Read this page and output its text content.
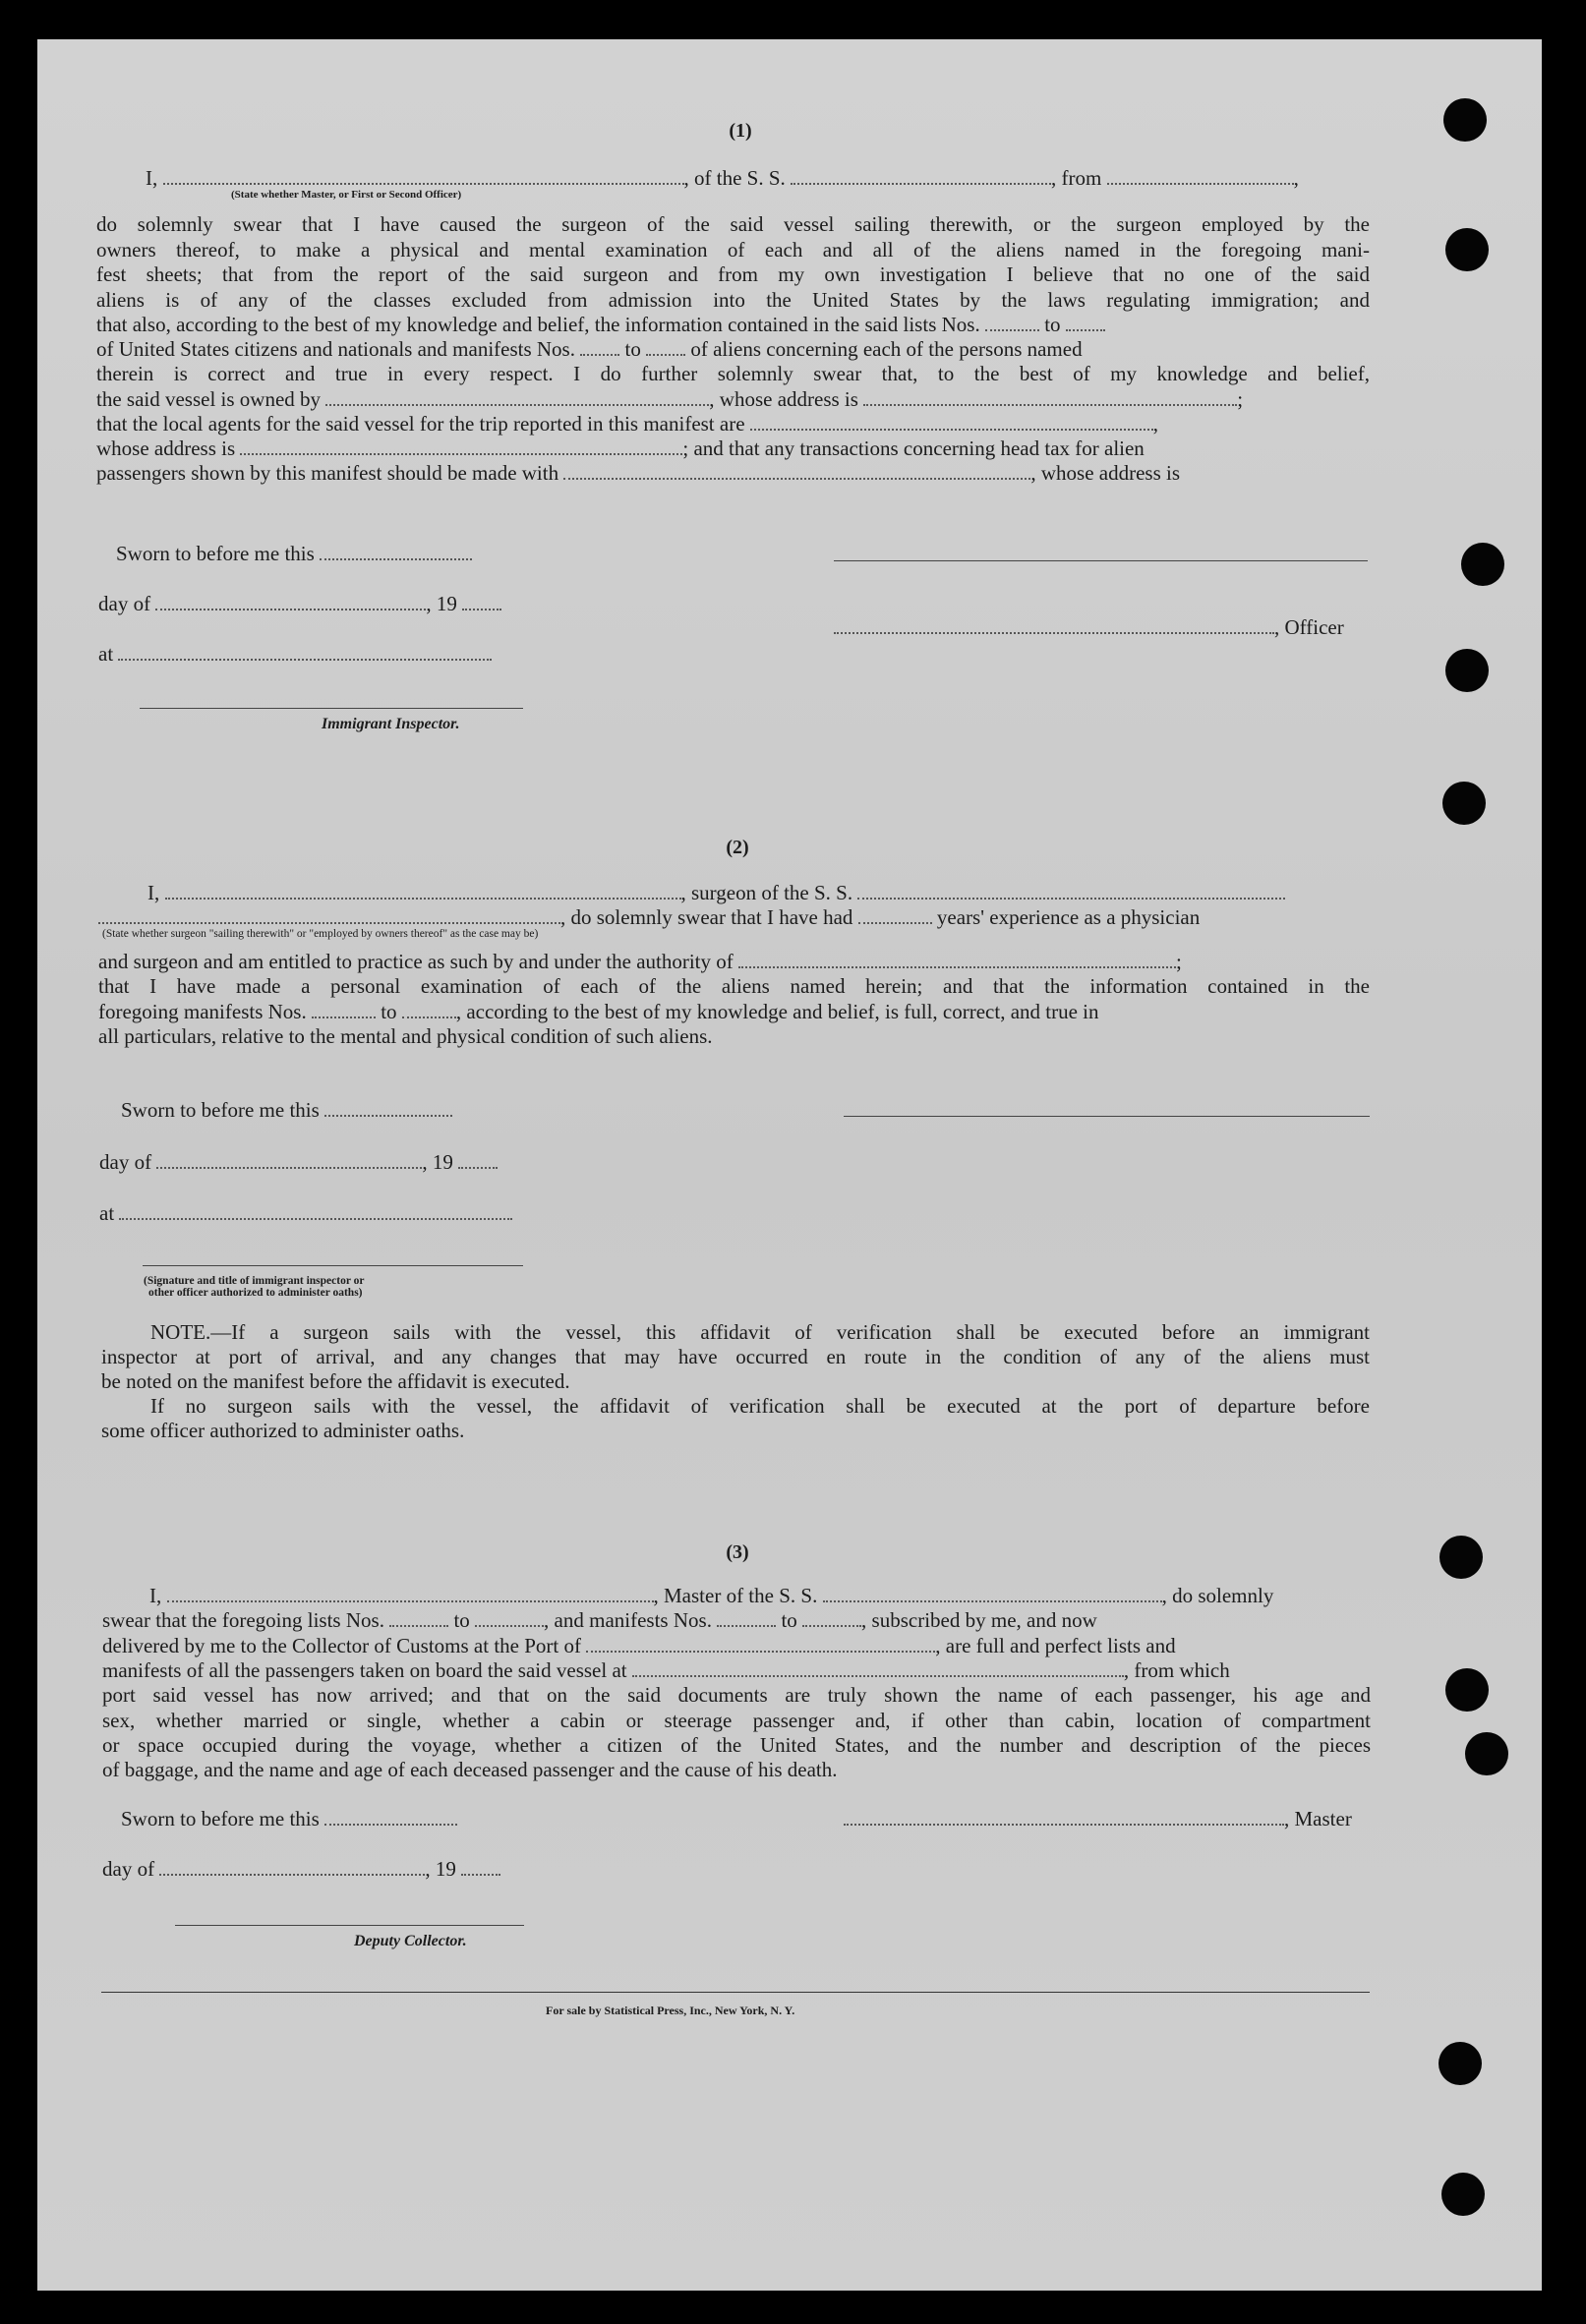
(1)
I,	, of the S. S.	, from	,
(State whether Master, or First or Second Officer)
do solemnly swear that I have caused the surgeon of the said vessel sailing therewith, or the surgeon employed by the
owners thereof, to make a physical and mental examination of each and all of the aliens named in the foregoing mani-
fest sheets; that from the report of the said surgeon and from my own investigation I believe that no one of the said
aliens is of any of the classes excluded from admission into the United States by the laws regulating immigration; and
that also, according to the best of my knowledge and belief, the information contained in the said lists Nos.	to
of United States citizens and nationals and manifests Nos. to of aliens concerning each of the persons named
therein is correct and true in every respect. I do further solemnly swear that, to the best of my knowledge and belief,
the said vessel is owned by	, whose address is	;
that the local agents for the said vessel for the trip reported in this manifest are	,
whose address is	; and that any transactions concerning head tax for alien
passengers shown by this manifest should be made with	, whose address is
Sworn to before me this
day of	, 19
, Officer
at
Immigrant Inspector.
(2)
I,	, surgeon of the S. S.
, do solemnly swear that I have had	years' experience as a physician
(State whether surgeon "sailing therewith" or "employed by owners thereof" as the case may be)
and surgeon and am entitled to practice as such by and under the authority of	;
that I have made a personal examination of each of the aliens named herein; and that the information contained in the
foregoing manifests Nos.	to	, according to the best of my knowledge and belief, is full, correct, and true in
all particulars, relative to the mental and physical condition of such aliens.
Sworn to before me this
day of	, 19
at
(Signature and title of immigrant inspector or
other officer authorized to administer oaths)
NOTE.—If a surgeon sails with the vessel, this affidavit of verification shall be executed before an immigrant
inspector at port of arrival, and any changes that may have occurred en route in the condition of any of the aliens must
be noted on the manifest before the affidavit is executed.
If no surgeon sails with the vessel, the affidavit of verification shall be executed at the port of departure before
some officer authorized to administer oaths.
(3)
I,	, Master of the S. S.	, do solemnly
swear that the foregoing lists Nos.	to	, and manifests Nos.	to	, subscribed by me, and now
delivered by me to the Collector of Customs at the Port of	, are full and perfect lists and
manifests of all the passengers taken on board the said vessel at	, from which
port said vessel has now arrived; and that on the said documents are truly shown the name of each passenger, his age and
sex, whether married or single, whether a cabin or steerage passenger and, if other than cabin, location of compartment
or space occupied during the voyage, whether a citizen of the United States, and the number and description of the pieces
of baggage, and the name and age of each deceased passenger and the cause of his death.
Sworn to before me this	, Master
day of	, 19
Deputy Collector.
For sale by Statistical Press, Inc., New York, N. Y.
